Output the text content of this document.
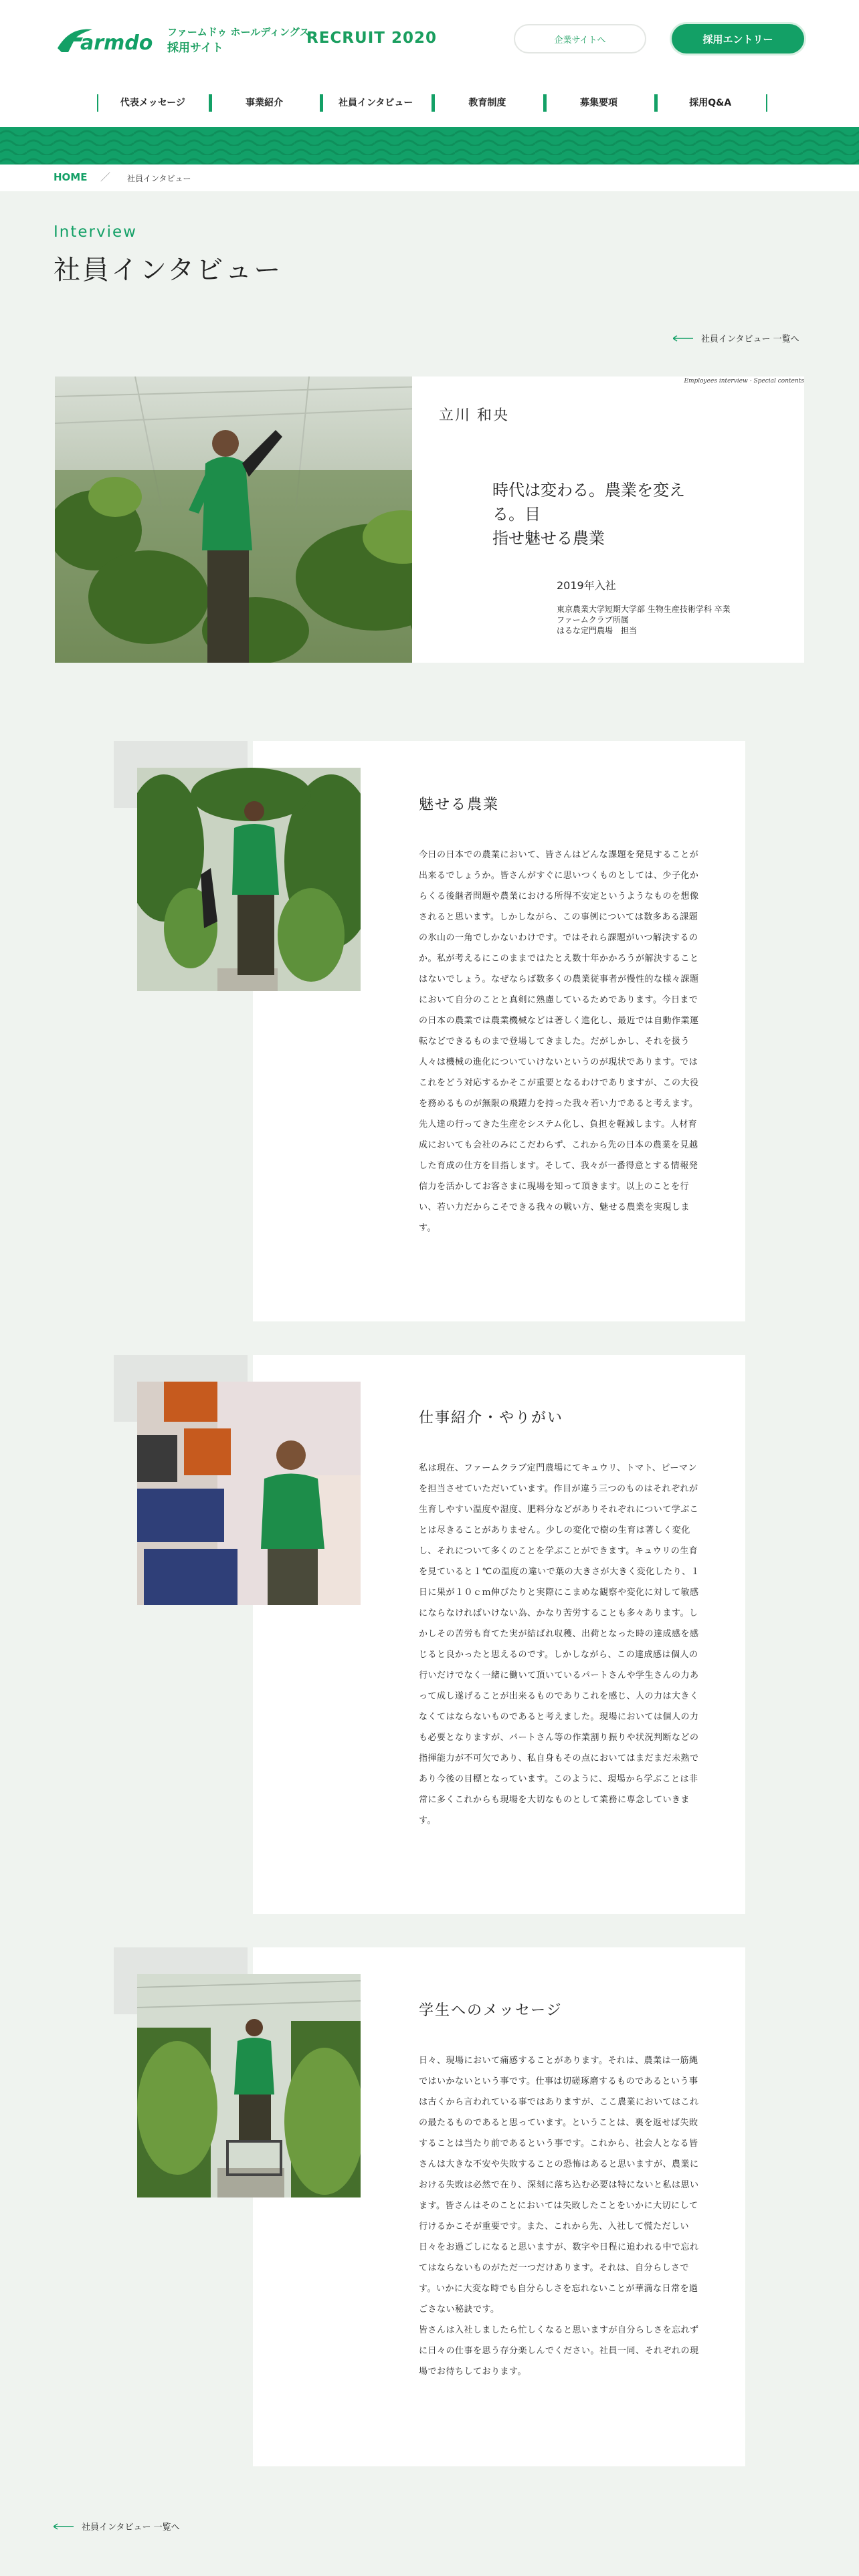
armdo ファームドゥ ホールディングス
採用サイト
RECRUIT 2020	企業サイトへ	採用エントリー
代表メッセージ	事業紹介	社員インタビュー	教育制度	募集要項	採用Q&A
HOME ／ 社員インタビュー
Interview
社員インタビュー
社員インタビュー 一覧へ
Employees interview - Special contents
2019年入社
東京農業大学短期大学部 生物生産技術学科 卒業
ファームクラブ所属
はるな定門農場　担当
立川 和央
時代は変わる。農業を変える。目
指せ魅せる農業
魅せる農業

今日の日本での農業において、皆さんはどんな課題を発見することが出来るでしょうか。皆さんがすぐに思いつくものとしては、少子化からくる後継者問題や農業における所得不安定というようなものを想像されると思います。しかしながら、この事例については数多ある課題の氷山の一角でしかないわけです。ではそれら課題がいつ解決するのか。私が考えるにこのままではたとえ数十年かかろうが解決することはないでしょう。なぜならば数多くの農業従事者が慢性的な様々課題において自分のことと真剣に熟慮しているためであります。今日までの日本の農業では農業機械などは著しく進化し、最近では自動作業運転などできるものまで登場してきました。だがしかし、それを扱う人々は機械の進化についていけないというのが現状であります。ではこれをどう対応するかそこが重要となるわけでありますが、この大役を務めるものが無限の飛躍力を持った我々若い力であると考えます。先人達の行ってきた生産をシステム化し、負担を軽減します。人材育成においても会社のみにこだわらず、これから先の日本の農業を見越した育成の仕方を目指します。そして、我々が一番得意とする情報発信力を活かしてお客さまに現場を知って頂きます。以上のことを行い、若い力だからこそできる我々の戦い方、魅せる農業を実現します。

仕事紹介・やりがい

私は現在、ファームクラブ定門農場にてキュウリ、トマト、ピーマンを担当させていただいています。作目が違う三つのものはそれぞれが生育しやすい温度や湿度、肥料分などがありそれぞれについて学ぶことは尽きることがありません。少しの変化で樹の生育は著しく変化し、それについて多くのことを学ぶことができます。キュウリの生育を見ていると１℃の温度の違いで葉の大きさが大きく変化したり、１日に果が１０ｃｍ伸びたりと実際にこまめな観察や変化に対して敏感にならなければいけない為、かなり苦労することも多々あります。しかしその苦労も育てた実が結ばれ収穫、出荷となった時の達成感を感じると良かったと思えるのです。しかしながら、この達成感は個人の行いだけでなく一緒に働いて頂いているパートさんや学生さんの力あって成し遂げることが出来るものでありこれを感じ、人の力は大きくなくてはならないものであると考えました。現場においては個人の力も必要となりますが、パートさん等の作業割り振りや状況判断などの指揮能力が不可欠であり、私自身もその点においてはまだまだ未熟であり今後の目標となっています。このように、現場から学ぶことは非常に多くこれからも現場を大切なものとして業務に専念していきます。

学生へのメッセージ

日々、現場において痛感することがあります。それは、農業は一筋縄ではいかないという事です。仕事は切磋琢磨するものであるという事は古くから言われている事ではありますが、ここ農業においてはこれの最たるものであると思っています。ということは、裏を返せば失敗することは当たり前であるという事です。これから、社会人となる皆さんは大きな不安や失敗することの恐怖はあると思いますが、農業における失敗は必然で在り、深刻に落ち込む必要は特にないと私は思います。皆さんはそのことにおいては失敗したことをいかに大切にして行けるかこそが重要です。また、これから先、入社して慌ただしい日々をお過ごしになると思いますが、数字や日程に追われる中で忘れてはならないものがただ一つだけあります。それは、自分らしさです。いかに大変な時でも自分らしさを忘れないことが華満な日常を過ごさない秘訣です。
皆さんは入社しましたら忙しくなると思いますが自分らしさを忘れずに日々の仕事を思う存分楽しんでください。社員一同、それぞれの現場でお待ちしております。

社員インタビュー 一覧へ
